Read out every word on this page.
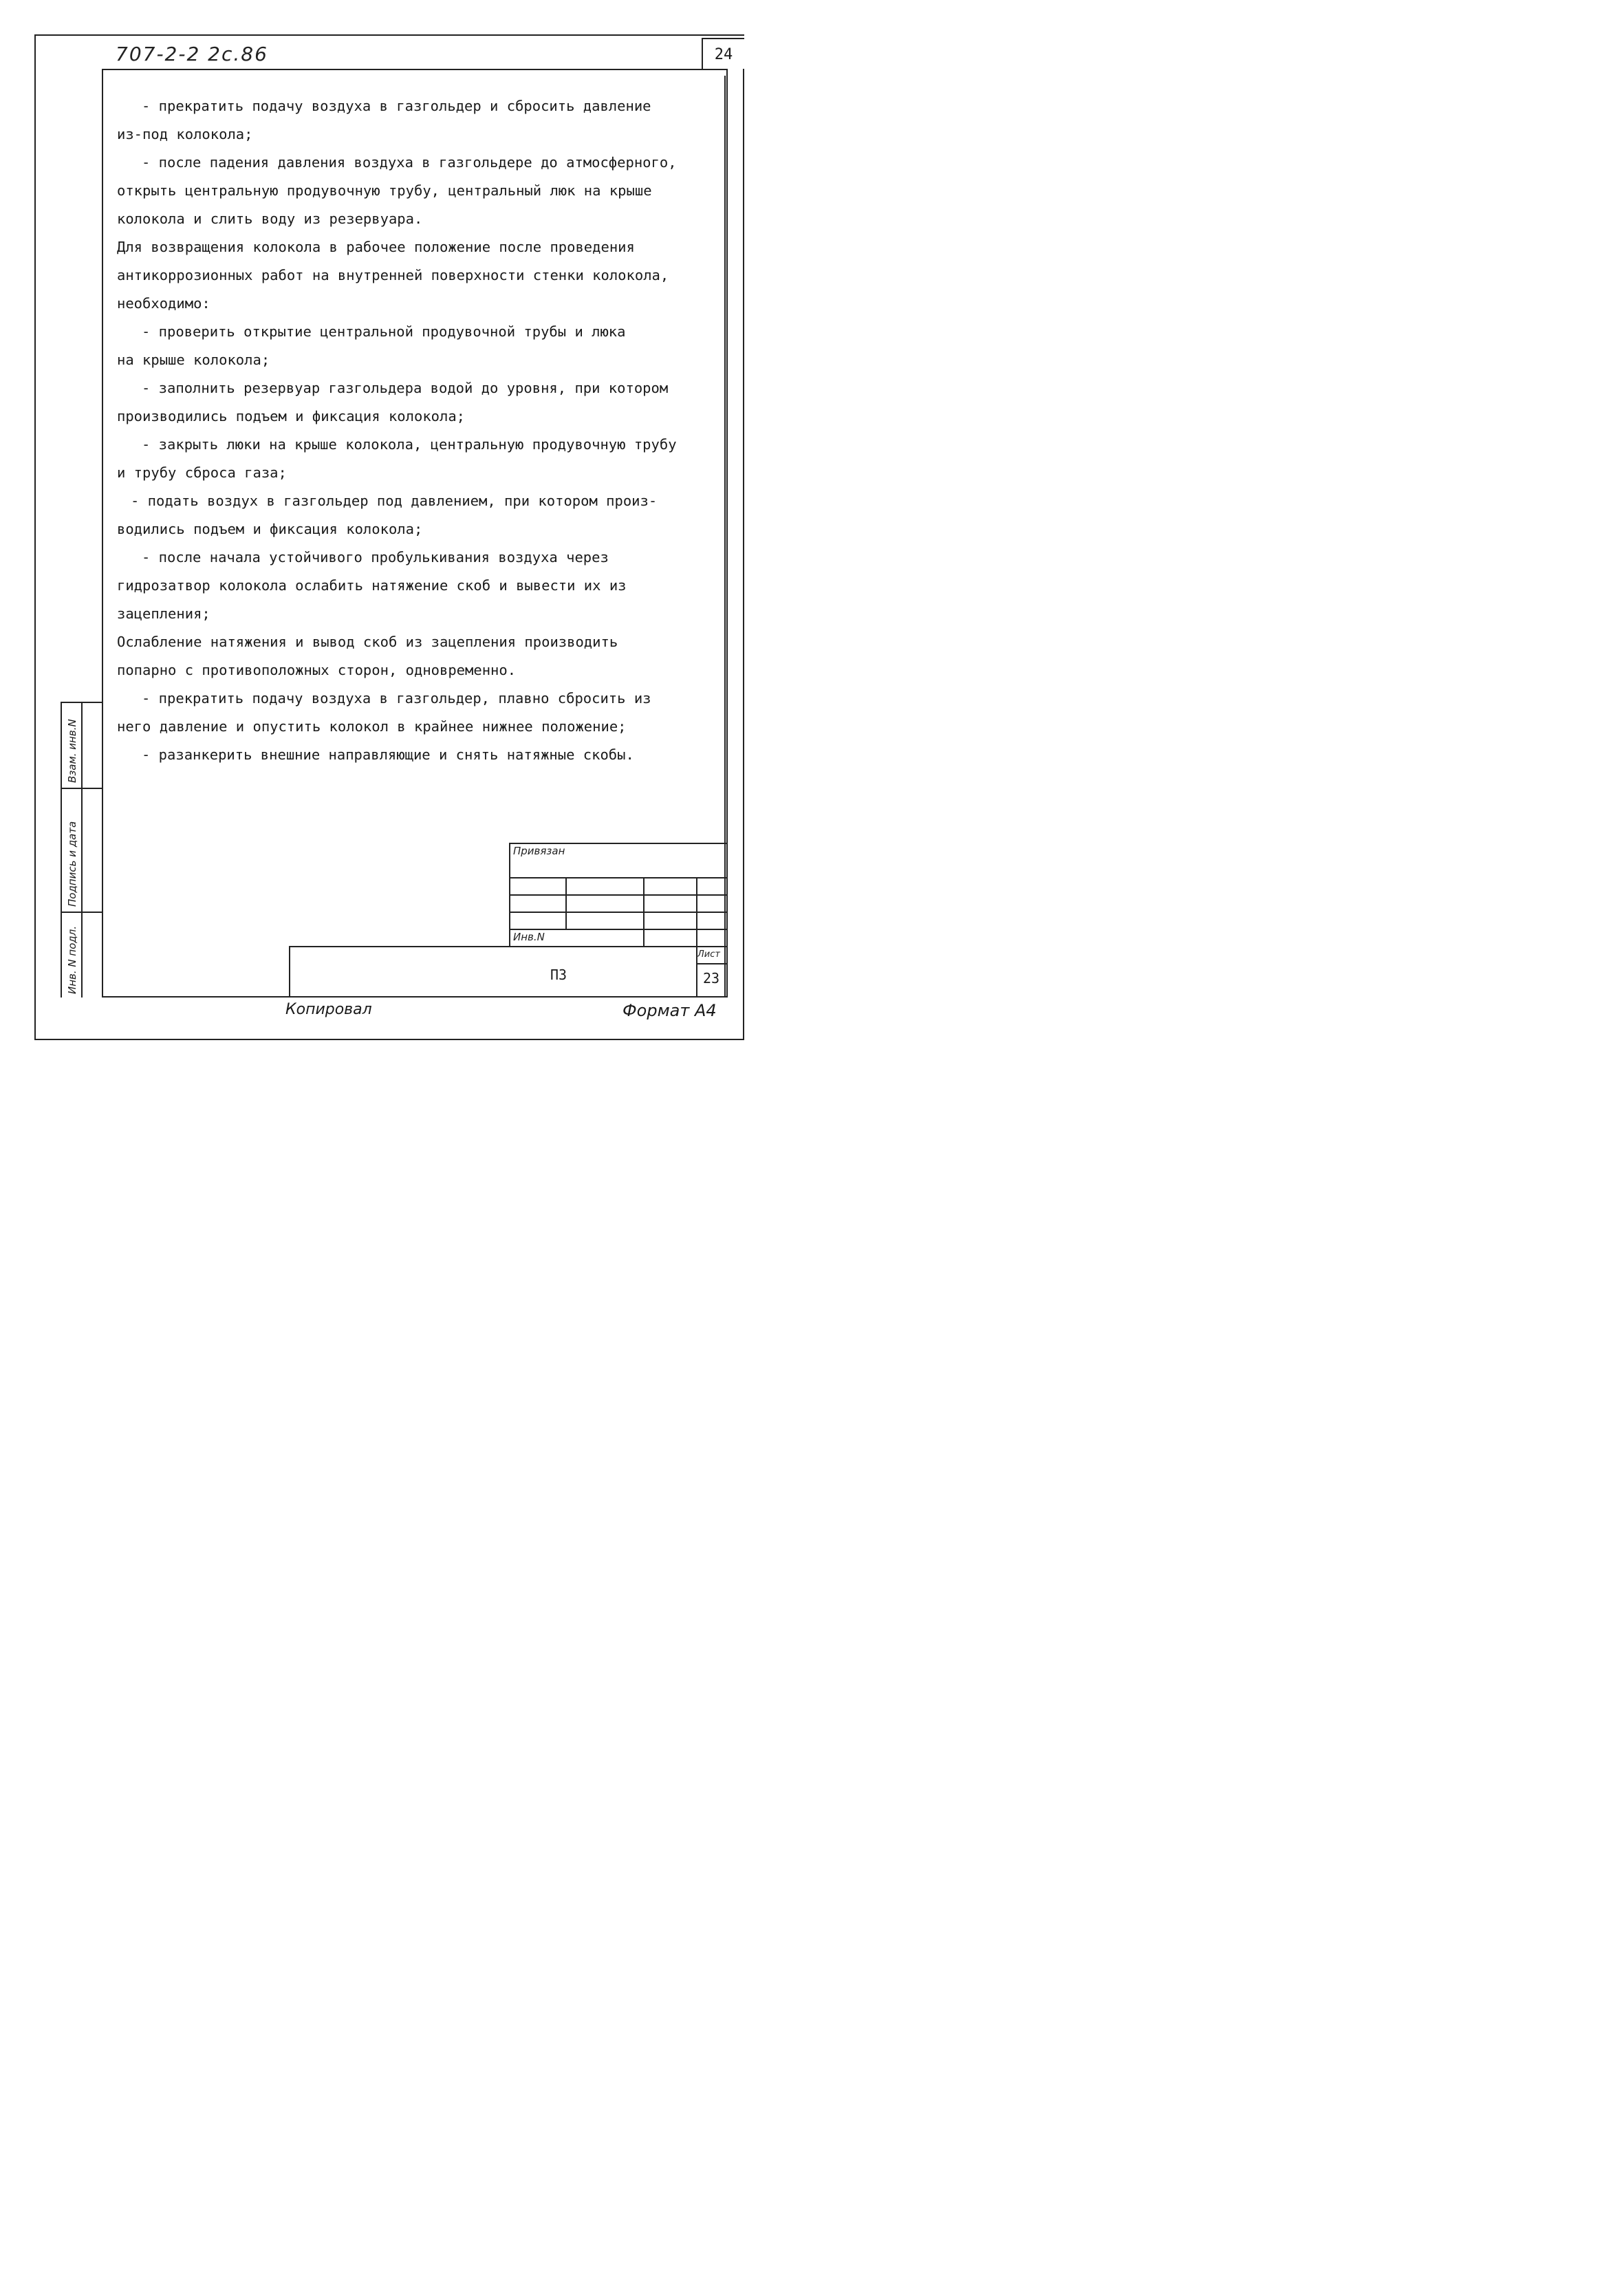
707-2-2 2с.86	24

- прекратить подачу воздуха в газгольдер и сбросить давление

из-под колокола;

- после падения давления воздуха в газгольдере до атмосферного,

открыть центральную продувочную трубу, центральный люк на крыше

колокола и слить воду из резервуара.

Для возвращения колокола в рабочее положение после проведения

антикоррозионных работ на внутренней поверхности стенки колокола,

необходимо:

- проверить открытие центральной продувочной трубы и люка

на крыше колокола;

- заполнить резервуар газгольдера водой до уровня, при котором

производились подъем и фиксация колокола;

- закрыть люки на крыше колокола, центральную продувочную трубу

и трубу сброса газа;

- подать воздух в газгольдер под давлением, при котором произ-

водились подъем и фиксация колокола;

- после начала устойчивого пробулькивания воздуха через

гидрозатвор колокола ослабить натяжение скоб и вывести их из

зацепления;

Ослабление натяжения и вывод скоб из зацепления производить

попарно с противоположных сторон, одновременно.

- прекратить подачу воздуха в газгольдер, плавно сбросить из

него давление и опустить колокол в крайнее нижнее положение;

- разанкерить внешние направляющие и снять натяжные скобы.

Взам. инв.N
Подпись и дата
Инв. N подл.
Привязан
Инв.N
Лист
ПЗ	23
Копировал	Формат А4
